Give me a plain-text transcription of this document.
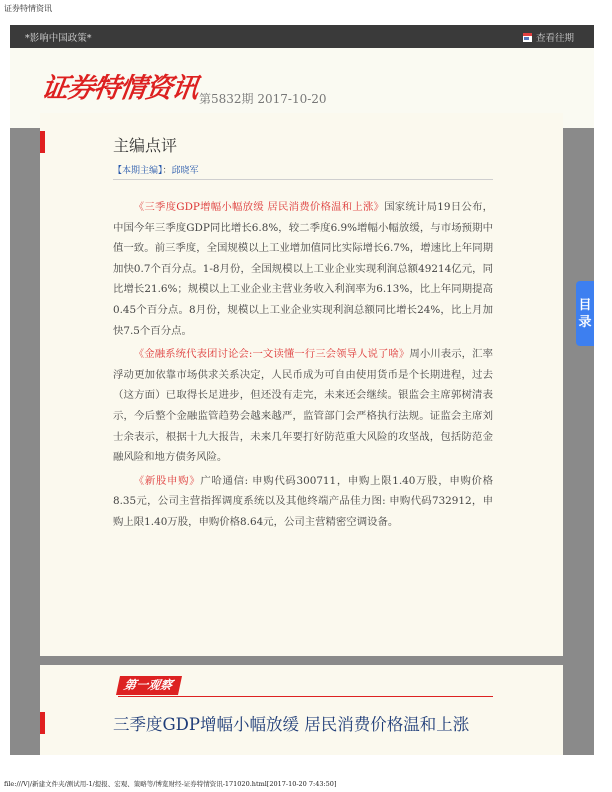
证券特情资讯
*影响中国政策*	查看往期
证券特情资讯 第5832期 2017-10-20
主编点评
【本期主编】：邱晓军

《三季度GDP增幅小幅放缓 居民消费价格温和上涨》国家统计局19日公布，中国今年三季度GDP同比增长6.8%，较二季度6.9%增幅小幅放缓，与市场预期中值一致。前三季度，全国规模以上工业增加值同比实际增长6.7%，增速比上年同期加快0.7个百分点。1-8月份，全国规模以上工业企业实现利润总额49214亿元，同比增长21.6%；规模以上工业企业主营业务收入利润率为6.13%，比上年同期提高0.45个百分点。8月份，规模以上工业企业实现利润总额同比增长24%，比上月加快7.5个百分点。

《金融系统代表团讨论会:一文读懂一行三会领导人说了啥》周小川表示，汇率浮动更加依靠市场供求关系决定，人民币成为可自由使用货币是个长期进程，过去（这方面）已取得长足进步，但还没有走完，未来还会继续。银监会主席郭树清表示，今后整个金融监管趋势会越来越严，监管部门会严格执行法规。证监会主席刘士余表示，根据十九大报告，未来几年要打好防范重大风险的攻坚战，包括防范金融风险和地方债务风险。

《新股申购》广哈通信: 申购代码300711，申购上限1.40万股，申购价格8.35元，公司主营指挥调度系统以及其他终端产品佳力图: 申购代码732912，申购上限1.40万股，申购价格8.64元，公司主营精密空调设备。

目
录
第一观察
三季度GDP增幅小幅放缓 居民消费价格温和上涨
file:///V|/新建文件夹/测试用-1/提报、宏观、策略等/博览财经-证券特情资讯-171020.html[2017-10-20 7:43:50]
